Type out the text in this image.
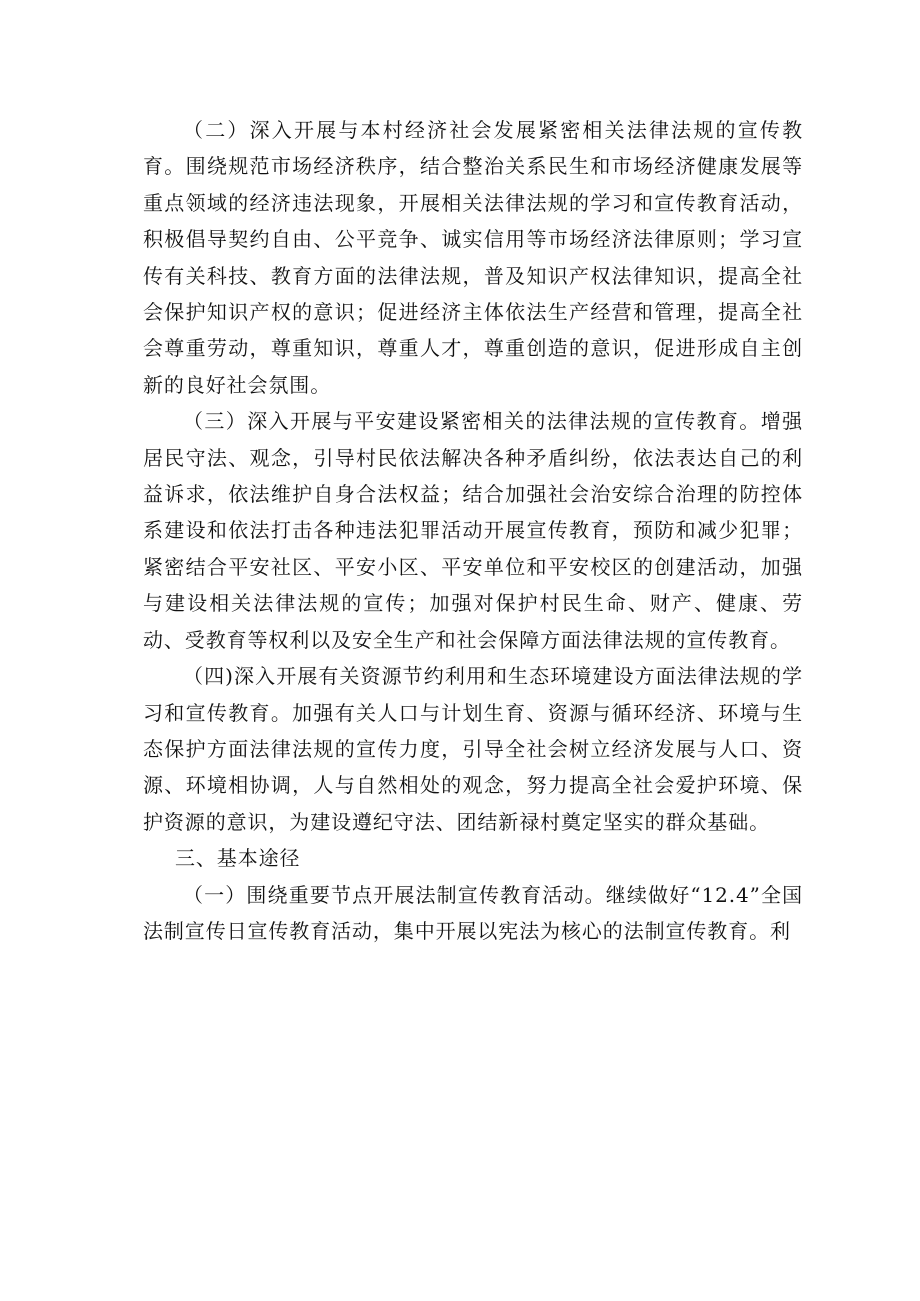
（二）深入开展与本村经济社会发展紧密相关法律法规的宣传教育。围绕规范市场经济秩序，结合整治关系民生和市场经济健康发展等重点领域的经济违法现象，开展相关法律法规的学习和宣传教育活动，积极倡导契约自由、公平竞争、诚实信用等市场经济法律原则；学习宣传有关科技、教育方面的法律法规，普及知识产权法律知识，提高全社会保护知识产权的意识；促进经济主体依法生产经营和管理，提高全社会尊重劳动，尊重知识，尊重人才，尊重创造的意识，促进形成自主创新的良好社会氛围。

（三）深入开展与平安建设紧密相关的法律法规的宣传教育。增强居民守法、观念，引导村民依法解决各种矛盾纠纷，依法表达自己的利益诉求，依法维护自身合法权益；结合加强社会治安综合治理的防控体系建设和依法打击各种违法犯罪活动开展宣传教育，预防和减少犯罪；紧密结合平安社区、平安小区、平安单位和平安校区的创建活动，加强与建设相关法律法规的宣传；加强对保护村民生命、财产、健康、劳动、受教育等权利以及安全生产和社会保障方面法律法规的宣传教育。

（四)深入开展有关资源节约利用和生态环境建设方面法律法规的学习和宣传教育。加强有关人口与计划生育、资源与循环经济、环境与生态保护方面法律法规的宣传力度，引导全社会树立经济发展与人口、资源、环境相协调，人与自然相处的观念，努力提高全社会爱护环境、保护资源的意识，为建设遵纪守法、团结新禄村奠定坚实的群众基础。

三、基本途径

（一）围绕重要节点开展法制宣传教育活动。继续做好“12.4”全国法制宣传日宣传教育活动，集中开展以宪法为核心的法制宣传教育。利
